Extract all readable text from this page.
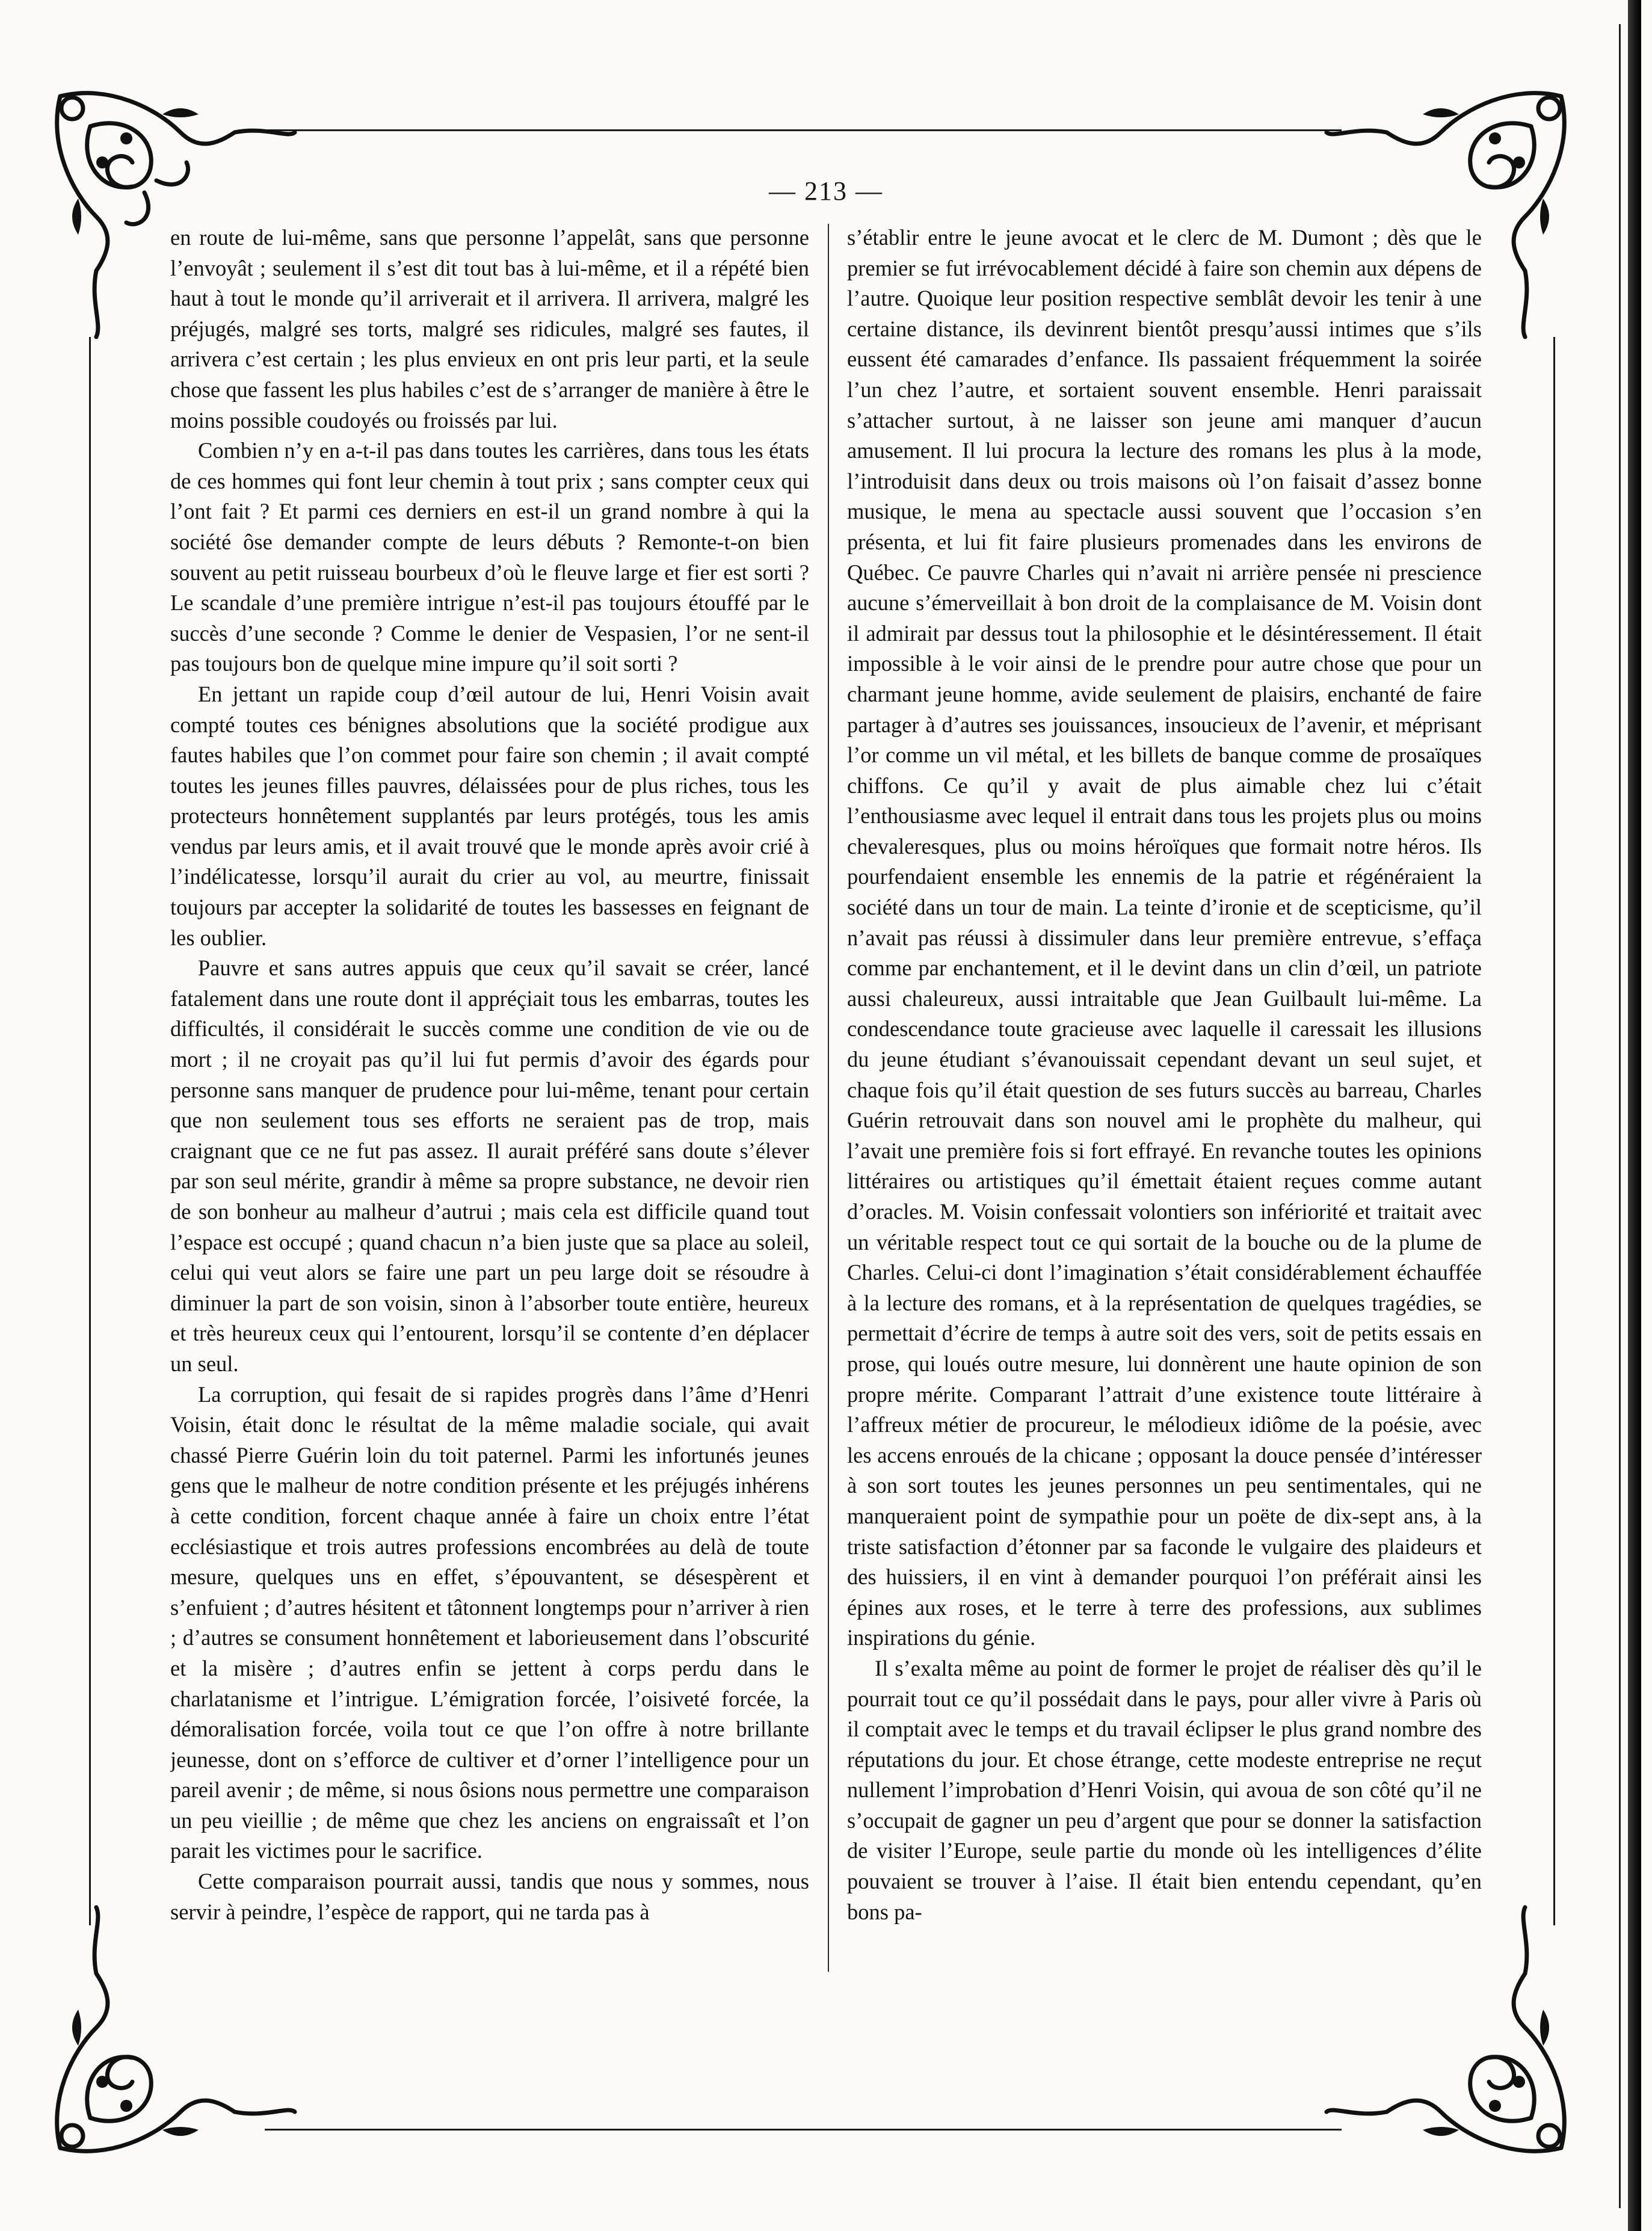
— 213 —

en route de lui-même, sans que personne l’appelât, sans que personne l’envoyât ; seulement il s’est dit tout bas à lui-même, et il a répété bien haut à tout le monde qu’il arriverait et il arrivera. Il arrivera, malgré les préjugés, malgré ses torts, malgré ses ridicules, malgré ses fautes, il arrivera c’est certain ; les plus envieux en ont pris leur parti, et la seule chose que fassent les plus habiles c’est de s’arranger de manière à être le moins possible coudoyés ou froissés par lui.

Combien n’y en a-t-il pas dans toutes les carrières, dans tous les états de ces hommes qui font leur chemin à tout prix ; sans compter ceux qui l’ont fait ? Et parmi ces derniers en est-il un grand nombre à qui la société ôse demander compte de leurs débuts ? Remonte-t-on bien souvent au petit ruisseau bourbeux d’où le fleuve large et fier est sorti ? Le scandale d’une première intrigue n’est-il pas toujours étouffé par le succès d’une seconde ? Comme le denier de Vespasien, l’or ne sent-il pas toujours bon de quelque mine impure qu’il soit sorti ?

En jettant un rapide coup d’œil autour de lui, Henri Voisin avait compté toutes ces bénignes absolutions que la société prodigue aux fautes habiles que l’on commet pour faire son chemin ; il avait compté toutes les jeunes filles pauvres, délaissées pour de plus riches, tous les protecteurs honnêtement supplantés par leurs protégés, tous les amis vendus par leurs amis, et il avait trouvé que le monde après avoir crié à l’indélicatesse, lorsqu’il aurait du crier au vol, au meurtre, finissait toujours par accepter la solidarité de toutes les bassesses en feignant de les oublier.

Pauvre et sans autres appuis que ceux qu’il savait se créer, lancé fatalement dans une route dont il appréçiait tous les embarras, toutes les difficultés, il considérait le succès comme une condition de vie ou de mort ; il ne croyait pas qu’il lui fut permis d’avoir des égards pour personne sans manquer de prudence pour lui-même, tenant pour certain que non seulement tous ses efforts ne seraient pas de trop, mais craignant que ce ne fut pas assez. Il aurait préféré sans doute s’élever par son seul mérite, grandir à même sa propre substance, ne devoir rien de son bonheur au malheur d’autrui ; mais cela est difficile quand tout l’espace est occupé ; quand chacun n’a bien juste que sa place au soleil, celui qui veut alors se faire une part un peu large doit se résoudre à diminuer la part de son voisin, sinon à l’absorber toute entière, heureux et très heureux ceux qui l’entourent, lorsqu’il se contente d’en déplacer un seul.

La corruption, qui fesait de si rapides progrès dans l’âme d’Henri Voisin, était donc le résultat de la même maladie sociale, qui avait chassé Pierre Guérin loin du toit paternel. Parmi les infortunés jeunes gens que le malheur de notre condition présente et les préjugés inhérens à cette condition, forcent chaque année à faire un choix entre l’état ecclésiastique et trois autres professions encombrées au delà de toute mesure, quelques uns en effet, s’épouvantent, se désespèrent et s’enfuient ; d’autres hésitent et tâtonnent longtemps pour n’arriver à rien ; d’autres se consument honnêtement et laborieusement dans l’obscurité et la misère ; d’autres enfin se jettent à corps perdu dans le charlatanisme et l’intrigue. L’émigration forcée, l’oisiveté forcée, la démoralisation forcée, voila tout ce que l’on offre à notre brillante jeunesse, dont on s’efforce de cultiver et d’orner l’intelligence pour un pareil avenir ; de même, si nous ôsions nous permettre une comparaison un peu vieillie ; de même que chez les anciens on engraissaît et l’on parait les victimes pour le sacrifice.

Cette comparaison pourrait aussi, tandis que nous y sommes, nous servir à peindre, l’espèce de rapport, qui ne tarda pas à

s’établir entre le jeune avocat et le clerc de M. Dumont ; dès que le premier se fut irrévocablement décidé à faire son chemin aux dépens de l’autre. Quoique leur position respective semblât devoir les tenir à une certaine distance, ils devinrent bientôt presqu’aussi intimes que s’ils eussent été camarades d’enfance. Ils passaient fréquemment la soirée l’un chez l’autre, et sortaient souvent ensemble. Henri paraissait s’attacher surtout, à ne laisser son jeune ami manquer d’aucun amusement. Il lui procura la lecture des romans les plus à la mode, l’introduisit dans deux ou trois maisons où l’on faisait d’assez bonne musique, le mena au spectacle aussi souvent que l’occasion s’en présenta, et lui fit faire plusieurs promenades dans les environs de Québec. Ce pauvre Charles qui n’avait ni arrière pensée ni prescience aucune s’émerveillait à bon droit de la complaisance de M. Voisin dont il admirait par dessus tout la philosophie et le désintéressement. Il était impossible à le voir ainsi de le prendre pour autre chose que pour un charmant jeune homme, avide seulement de plaisirs, enchanté de faire partager à d’autres ses jouissances, insoucieux de l’avenir, et méprisant l’or comme un vil métal, et les billets de banque comme de prosaïques chiffons. Ce qu’il y avait de plus aimable chez lui c’était l’enthousiasme avec lequel il entrait dans tous les projets plus ou moins chevaleresques, plus ou moins héroïques que formait notre héros. Ils pourfendaient ensemble les ennemis de la patrie et régénéraient la société dans un tour de main. La teinte d’ironie et de scepticisme, qu’il n’avait pas réussi à dissimuler dans leur première entrevue, s’effaça comme par enchantement, et il le devint dans un clin d’œil, un patriote aussi chaleureux, aussi intraitable que Jean Guilbault lui-même. La condescendance toute gracieuse avec laquelle il caressait les illusions du jeune étudiant s’évanouissait cependant devant un seul sujet, et chaque fois qu’il était question de ses futurs succès au barreau, Charles Guérin retrouvait dans son nouvel ami le prophète du malheur, qui l’avait une première fois si fort effrayé. En revanche toutes les opinions littéraires ou artistiques qu’il émettait étaient reçues comme autant d’oracles. M. Voisin confessait volontiers son infériorité et traitait avec un véritable respect tout ce qui sortait de la bouche ou de la plume de Charles. Celui-ci dont l’imagination s’était considérablement échauffée à la lecture des romans, et à la représentation de quelques tragédies, se permettait d’écrire de temps à autre soit des vers, soit de petits essais en prose, qui loués outre mesure, lui donnèrent une haute opinion de son propre mérite. Comparant l’attrait d’une existence toute littéraire à l’affreux métier de procureur, le mélodieux idiôme de la poésie, avec les accens enroués de la chicane ; opposant la douce pensée d’intéresser à son sort toutes les jeunes personnes un peu sentimentales, qui ne manqueraient point de sympathie pour un poëte de dix-sept ans, à la triste satisfaction d’étonner par sa faconde le vulgaire des plaideurs et des huissiers, il en vint à demander pourquoi l’on préférait ainsi les épines aux roses, et le terre à terre des professions, aux sublimes inspirations du génie.

Il s’exalta même au point de former le projet de réaliser dès qu’il le pourrait tout ce qu’il possédait dans le pays, pour aller vivre à Paris où il comptait avec le temps et du travail éclipser le plus grand nombre des réputations du jour. Et chose étrange, cette modeste entreprise ne reçut nullement l’improbation d’Henri Voisin, qui avoua de son côté qu’il ne s’occupait de gagner un peu d’argent que pour se donner la satisfaction de visiter l’Europe, seule partie du monde où les intelligences d’élite pouvaient se trouver à l’aise. Il était bien entendu cependant, qu’en bons pa-
